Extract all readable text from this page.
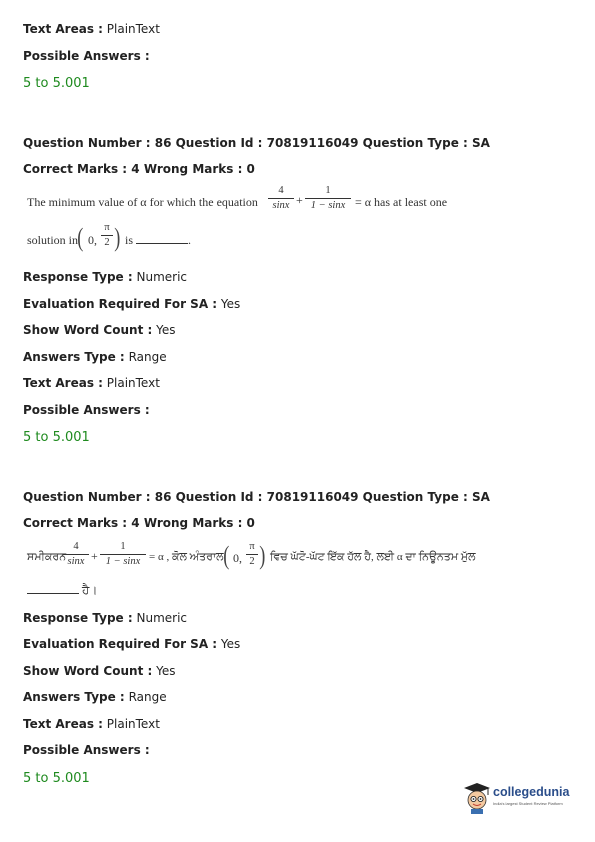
Text Areas : PlainText
Possible Answers :
5 to 5.001
Question Number : 86 Question Id : 70819116049 Question Type : SA
Correct Marks : 4 Wrong Marks : 0
The minimum value of α for which the equation
4
sinx +
1
1 − sinx = α has at least one
solution in ( 0,
π
2 ) is	.
Response Type : Numeric
Evaluation Required For SA : Yes
Show Word Count : Yes
Answers Type : Range
Text Areas : PlainText
Possible Answers :
5 to 5.001
Question Number : 86 Question Id : 70819116049 Question Type : SA
Correct Marks : 4 Wrong Marks : 0
ਸਮੀਕਰਨ
4
sinx +
1
1 − sinx = α , ਕੋਲ ਅੰਤਰਾਲ ( 0,
π
2 ) ਵਿਚ ਘੱਟੋ-ਘੱਟ ਇੱਕ ਹੱਲ ਹੈ, ਲਈ α ਦਾ ਨਿਊਨਤਮ ਮੁੱਲ
ਹੈ।
Response Type : Numeric
Evaluation Required For SA : Yes
Show Word Count : Yes
Answers Type : Range
Text Areas : PlainText
Possible Answers :
5 to 5.001
collegedunia
India's largest Student Review Platform
